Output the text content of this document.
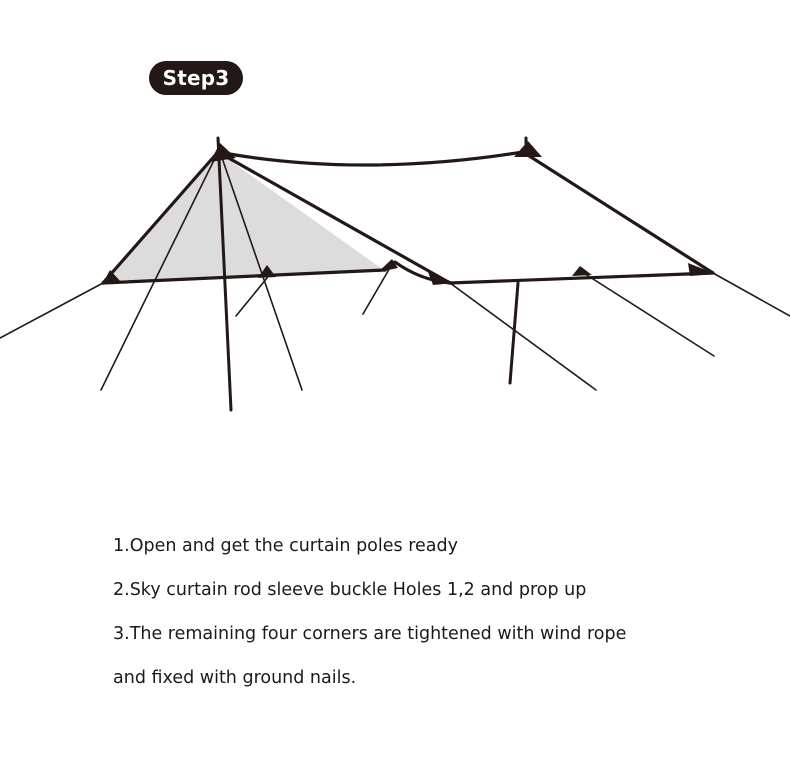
Step3
1.Open and get the curtain poles ready
2.Sky curtain rod sleeve buckle Holes 1,2 and prop up
3.The remaining four corners are tightened with wind rope
and fixed with ground nails.
